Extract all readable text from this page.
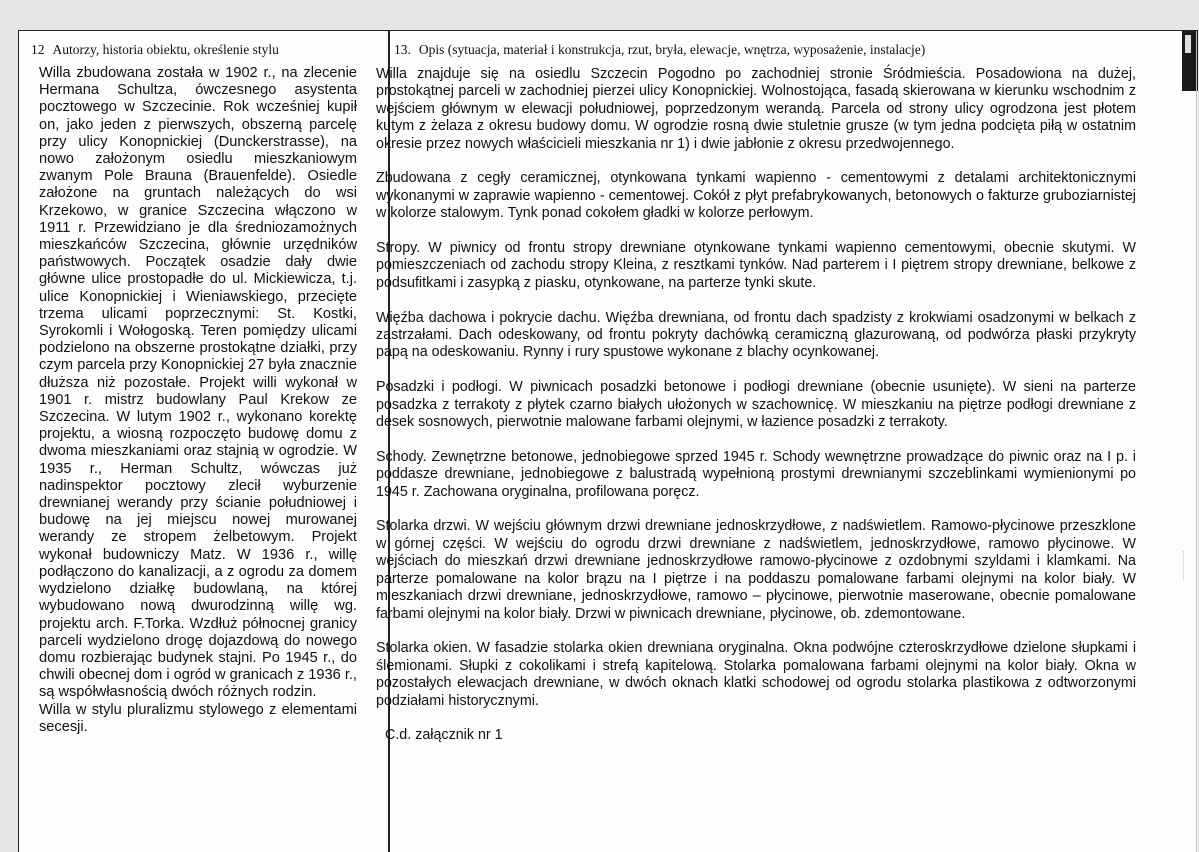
12 Autorzy, historia obiektu, określenie stylu	13. Opis (sytuacja, materiał i konstrukcja, rzut, bryła, elewacje, wnętrza, wyposażenie, instalacje)
Willa zbudowana została w 1902 r., na zlecenie Hermana Schultza, ówczesnego asystenta pocztowego w Szczecinie. Rok wcześniej kupił on, jako jeden z pierwszych, obszerną parcelę przy ulicy Konopnickiej (Dunckerstrasse), na nowo założonym osiedlu mieszkaniowym zwanym Pole Brauna (Brauenfelde). Osiedle założone na gruntach należących do wsi Krzekowo, w granice Szczecina włączono w 1911 r. Przewidziano je dla średniozamożnych mieszkańców Szczecina, głównie urzędników państwowych. Początek osadzie dały dwie główne ulice prostopadłe do ul. Mickiewicza, t.j. ulice Konopnickiej i Wieniawskiego, przecięte trzema ulicami poprzecznymi: St. Kostki, Syrokomli i Wołogoską. Teren pomiędzy ulicami podzielono na obszerne prostokątne działki, przy czym parcela przy Konopnickiej 27 była znacznie dłuższa niż pozostałe. Projekt willi wykonał w 1901 r. mistrz budowlany Paul Krekow ze Szczecina. W lutym 1902 r., wykonano korektę projektu, a wiosną rozpoczęto budowę domu z dwoma mieszkaniami oraz stajnią w ogrodzie. W 1935 r., Herman Schultz, wówczas już nadinspektor pocztowy zlecił wyburzenie drewnianej werandy przy ścianie południowej i budowę na jej miejscu nowej murowanej werandy ze stropem żelbetowym. Projekt wykonał budowniczy Matz. W 1936 r., willę podłączono do kanalizacji, a z ogrodu za domem wydzielono działkę budowlaną, na której wybudowano nową dwurodzinną willę wg. projektu arch. F.Torka. Wzdłuż północnej granicy parceli wydzielono drogę dojazdową do nowego domu rozbierając budynek stajni. Po 1945 r., do chwili obecnej dom i ogród w granicach z 1936 r., są współwłasnością dwóch różnych rodzin.
Willa w stylu pluralizmu stylowego z elementami secesji.

Willa znajduje się na osiedlu Szczecin Pogodno po zachodniej stronie Śródmieścia. Posadowiona na dużej, prostokątnej parceli w zachodniej pierzei ulicy Konopnickiej. Wolnostojąca, fasadą skierowana w kierunku wschodnim z wejściem głównym w elewacji południowej, poprzedzonym werandą. Parcela od strony ulicy ogrodzona jest płotem kutym z żelaza z okresu budowy domu. W ogrodzie rosną dwie stuletnie grusze (w tym jedna podcięta piłą w ostatnim okresie przez nowych właścicieli mieszkania nr 1) i dwie jabłonie z okresu przedwojennego.

Zbudowana z cegły ceramicznej, otynkowana tynkami wapienno - cementowymi z detalami architektonicznymi wykonanymi w zaprawie wapienno - cementowej. Cokół z płyt prefabrykowanych, betonowych o fakturze gruboziarnistej w kolorze stalowym. Tynk ponad cokołem gładki w kolorze perłowym.

Stropy. W piwnicy od frontu stropy drewniane otynkowane tynkami wapienno cementowymi, obecnie skutymi. W pomieszczeniach od zachodu stropy Kleina, z resztkami tynków. Nad parterem i I piętrem stropy drewniane, belkowe z podsufitkami i zasypką z piasku, otynkowane, na parterze tynki skute.

Więźba dachowa i pokrycie dachu. Więźba drewniana, od frontu dach spadzisty z krokwiami osadzonymi w belkach z zastrzałami. Dach odeskowany, od frontu pokryty dachówką ceramiczną glazurowaną, od podwórza płaski przykryty papą na odeskowaniu. Rynny i rury spustowe wykonane z blachy ocynkowanej.

Posadzki i podłogi. W piwnicach posadzki betonowe i podłogi drewniane (obecnie usunięte). W sieni na parterze posadzka z terrakoty z płytek czarno białych ułożonych w szachownicę. W mieszkaniu na piętrze podłogi drewniane z desek sosnowych, pierwotnie malowane farbami olejnymi, w łazience posadzki z terrakoty.

Schody. Zewnętrzne betonowe, jednobiegowe sprzed 1945 r. Schody wewnętrzne prowadzące do piwnic oraz na I p. i poddasze drewniane, jednobiegowe z balustradą wypełnioną prostymi drewnianymi szczeblinkami wymienionymi po 1945 r. Zachowana oryginalna, profilowana poręcz.

Stolarka drzwi. W wejściu głównym drzwi drewniane jednoskrzydłowe, z nadświetlem. Ramowo-płycinowe przeszklone w górnej części. W wejściu do ogrodu drzwi drewniane z nadświetlem, jednoskrzydłowe, ramowo płycinowe. W wejściach do mieszkań drzwi drewniane jednoskrzydłowe ramowo-płycinowe z ozdobnymi szyldami i klamkami. Na parterze pomalowane na kolor brązu na I piętrze i na poddaszu pomalowane farbami olejnymi na kolor biały. W mieszkaniach drzwi drewniane, jednoskrzydłowe, ramowo – płycinowe, pierwotnie maserowane, obecnie pomalowane farbami olejnymi na kolor biały. Drzwi w piwnicach drewniane, płycinowe, ob. zdemontowane.

Stolarka okien. W fasadzie stolarka okien drewniana oryginalna. Okna podwójne czteroskrzydłowe dzielone słupkami i ślemionami. Słupki z cokolikami i strefą kapitelową. Stolarka pomalowana farbami olejnymi na kolor biały. Okna w pozostałych elewacjach drewniane, w dwóch oknach klatki schodowej od ogrodu stolarka plastikowa z odtworzonymi podziałami historycznymi.

C.d. załącznik nr 1
